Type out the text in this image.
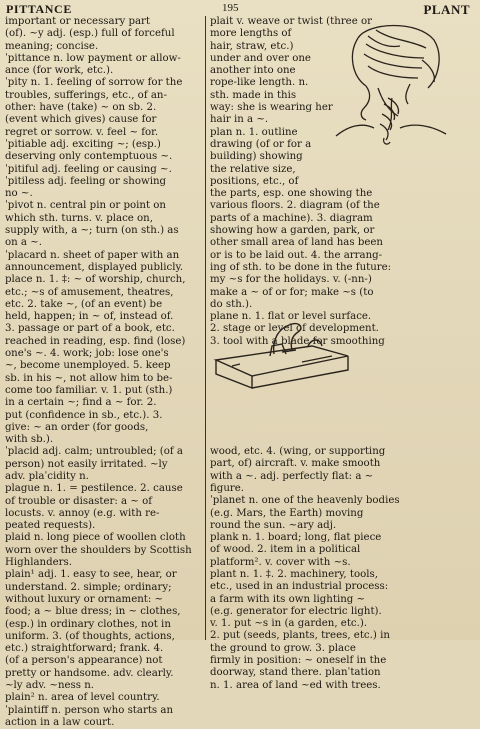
PITTANCE	195	PLANT
important or necessary part
(of). ~y adj. (esp.) full of forceful
meaning; concise.
ˈpittance n. low payment or allow-
ance (for work, etc.).
ˈpity n. 1. feeling of sorrow for the
troubles, sufferings, etc., of an-
other: have (take) ~ on sb. 2.
(event which gives) cause for
regret or sorrow. v. feel ~ for.
ˈpitiable adj. exciting ~; (esp.)
deserving only contemptuous ~.
ˈpitiful adj. feeling or causing ~.
ˈpitiless adj. feeling or showing
no ~.
ˈpivot n. central pin or point on
which sth. turns. v. place on,
supply with, a ~; turn (on sth.) as
on a ~.
ˈplacard n. sheet of paper with an
announcement, displayed publicly.
place n. 1. ‡: ~ of worship, church,
etc.; ~s of amusement, theatres,
etc. 2. take ~, (of an event) be
held, happen; in ~ of, instead of.
3. passage or part of a book, etc.
reached in reading, esp. find (lose)
one's ~. 4. work; job: lose one's
~, become unemployed. 5. keep
sb. in his ~, not allow him to be-
come too familiar. v. 1. put (sth.)
in a certain ~; find a ~ for. 2.
put (confidence in sb., etc.). 3.
give: ~ an order (for goods,
with sb.).
ˈplacid adj. calm; untroubled; (of a
person) not easily irritated. ~ly
adv. plaˈcidity n.
plague n. 1. = pestilence. 2. cause
of trouble or disaster: a ~ of
locusts. v. annoy (e.g. with re-
peated requests).
plaid n. long piece of woollen cloth
worn over the shoulders by Scottish
Highlanders.
plain¹ adj. 1. easy to see, hear, or
understand. 2. simple; ordinary;
without luxury or ornament: ~
food; a ~ blue dress; in ~ clothes,
(esp.) in ordinary clothes, not in
uniform. 3. (of thoughts, actions,
etc.) straightforward; frank. 4.
(of a person's appearance) not
pretty or handsome. adv. clearly.
~ly adv. ~ness n.
plain² n. area of level country.
ˈplaintiff n. person who starts an
action in a law court.
plait v. weave or twist (three or
more lengths of
hair, straw, etc.)
under and over one
another into one
rope-like length. n.
sth. made in this
way: she is wearing her
hair in a ~.
plan n. 1. outline
drawing (of or for a
building) showing
the relative size,
positions, etc., of
the parts, esp. one showing the
various floors. 2. diagram (of the
parts of a machine). 3. diagram
showing how a garden, park, or
other small area of land has been
or is to be laid out. 4. the arrang-
ing of sth. to be done in the future:
my ~s for the holidays. v. (-nn-)
make a ~ of or for; make ~s (to
do sth.).
plane n. 1. flat or level surface.
2. stage or level of development.
3. tool with a blade for smoothing
wood, etc. 4. (wing, or supporting
part, of) aircraft. v. make smooth
with a ~. adj. perfectly flat: a ~
figure.
ˈplanet n. one of the heavenly bodies
(e.g. Mars, the Earth) moving
round the sun. ~ary adj.
plank n. 1. board; long, flat piece
of wood. 2. item in a political
platform². v. cover with ~s.
plant n. 1. ‡. 2. machinery, tools,
etc., used in an industrial process:
a farm with its own lighting ~
(e.g. generator for electric light).
v. 1. put ~s in (a garden, etc.).
2. put (seeds, plants, trees, etc.) in
the ground to grow. 3. place
firmly in position: ~ oneself in the
doorway, stand there. planˈtation
n. 1. area of land ~ed with trees.
